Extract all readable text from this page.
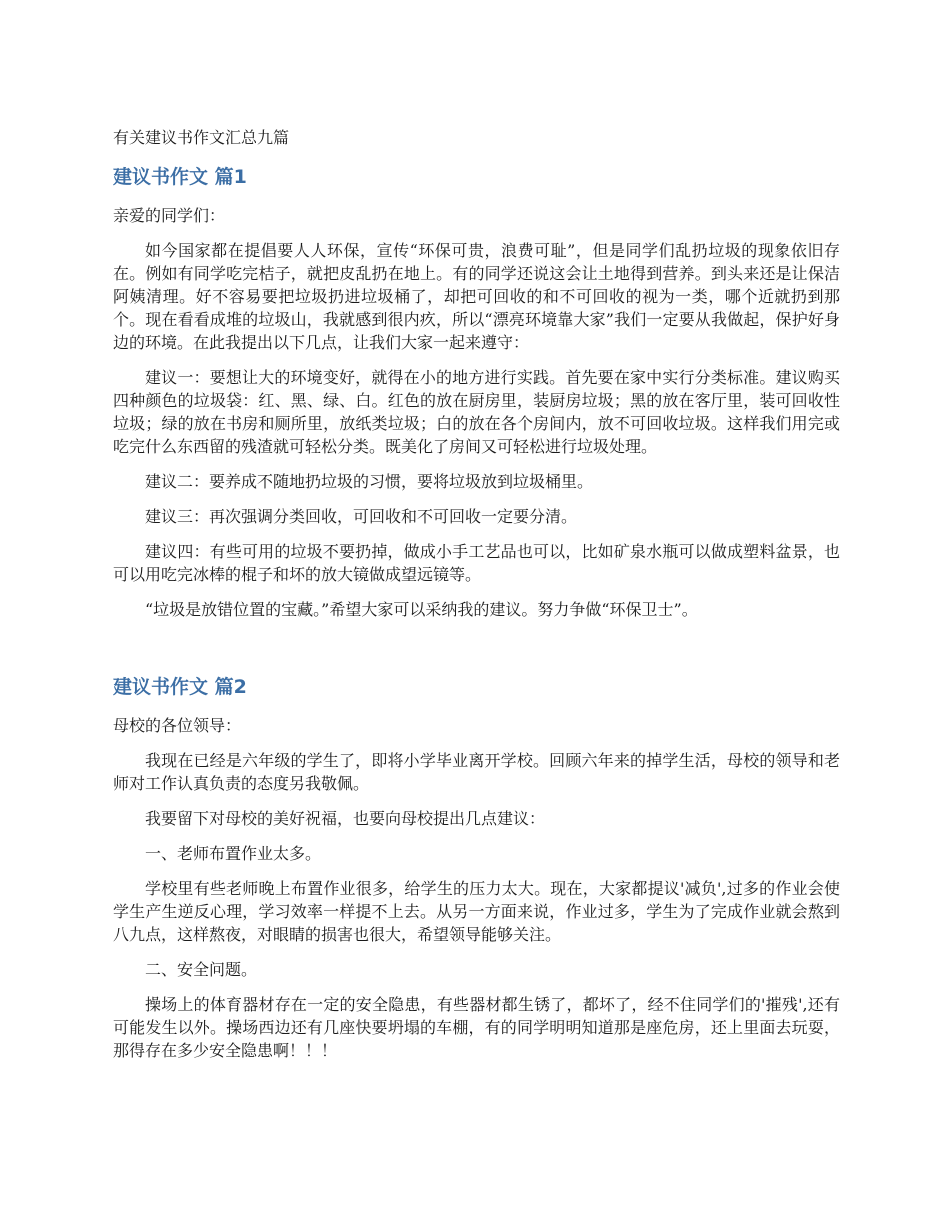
有关建议书作文汇总九篇
建议书作文 篇1

亲爱的同学们：

如今国家都在提倡要人人环保，宣传“环保可贵，浪费可耻”，但是同学们乱扔垃圾的现象依旧存在。例如有同学吃完桔子，就把皮乱扔在地上。有的同学还说这会让土地得到营养。到头来还是让保洁阿姨清理。好不容易要把垃圾扔进垃圾桶了，却把可回收的和不可回收的视为一类，哪个近就扔到那个。现在看看成堆的垃圾山，我就感到很内疚，所以“漂亮环境靠大家”我们一定要从我做起，保护好身边的环境。在此我提出以下几点，让我们大家一起来遵守：

建议一：要想让大的环境变好，就得在小的地方进行实践。首先要在家中实行分类标准。建议购买四种颜色的垃圾袋：红、黑、绿、白。红色的放在厨房里，装厨房垃圾；黑的放在客厅里，装可回收性垃圾；绿的放在书房和厕所里，放纸类垃圾；白的放在各个房间内，放不可回收垃圾。这样我们用完或吃完什么东西留的残渣就可轻松分类。既美化了房间又可轻松进行垃圾处理。

建议二：要养成不随地扔垃圾的习惯，要将垃圾放到垃圾桶里。

建议三：再次强调分类回收，可回收和不可回收一定要分清。

建议四：有些可用的垃圾不要扔掉，做成小手工艺品也可以，比如矿泉水瓶可以做成塑料盆景，也可以用吃完冰棒的棍子和坏的放大镜做成望远镜等。

“垃圾是放错位置的宝藏。”希望大家可以采纳我的建议。努力争做“环保卫士”。

建议书作文 篇2

母校的各位领导：

我现在已经是六年级的学生了，即将小学毕业离开学校。回顾六年来的掉学生活，母校的领导和老师对工作认真负责的态度另我敬佩。

我要留下对母校的美好祝福，也要向母校提出几点建议：

一、老师布置作业太多。

学校里有些老师晚上布置作业很多，给学生的压力太大。现在，大家都提议'减负',过多的作业会使学生产生逆反心理，学习效率一样提不上去。从另一方面来说，作业过多，学生为了完成作业就会熬到八九点，这样熬夜，对眼睛的损害也很大，希望领导能够关注。

二、安全问题。

操场上的体育器材存在一定的安全隐患，有些器材都生锈了，都坏了，经不住同学们的'摧残',还有可能发生以外。操场西边还有几座快要坍塌的车棚，有的同学明明知道那是座危房，还上里面去玩耍，那得存在多少安全隐患啊！！！
